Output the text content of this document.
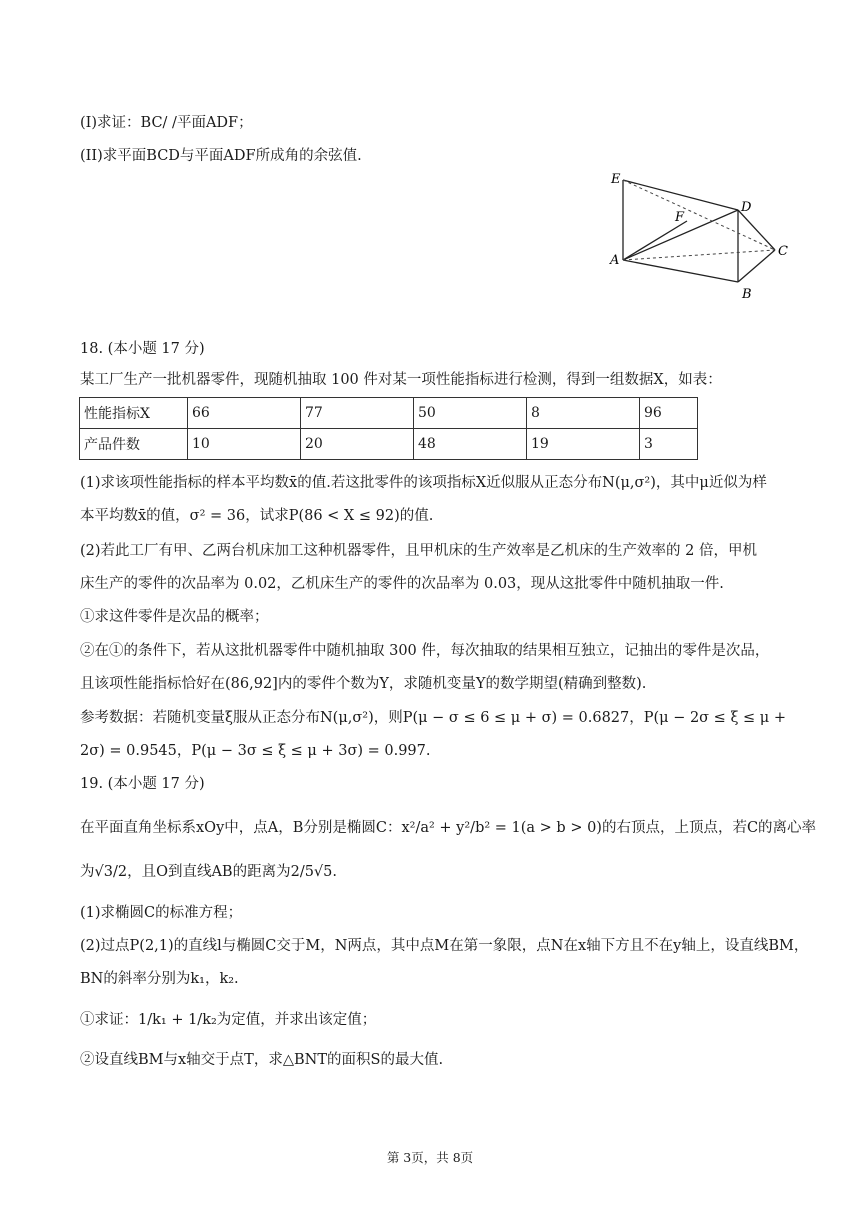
(I)求证：BC/ /平面ADF；
(II)求平面BCD与平面ADF所成角的余弦值.
E
F
D
C
A
B
18. (本小题 17 分)
某工厂生产一批机器零件，现随机抽取 100 件对某一项性能指标进行检测，得到一组数据X，如表：
性能指标X	66	77	50	8	96
产品件数	10	20	48	19	3
(1)求该项性能指标的样本平均数x̄的值.若这批零件的该项指标X近似服从正态分布N(μ,σ²)，其中μ近似为样
本平均数x̄的值，σ² = 36，试求P(86 < X ≤ 92)的值.
(2)若此工厂有甲、乙两台机床加工这种机器零件，且甲机床的生产效率是乙机床的生产效率的 2 倍，甲机
床生产的零件的次品率为 0.02，乙机床生产的零件的次品率为 0.03，现从这批零件中随机抽取一件.
①求这件零件是次品的概率；
②在①的条件下，若从这批机器零件中随机抽取 300 件，每次抽取的结果相互独立，记抽出的零件是次品，
且该项性能指标恰好在(86,92]内的零件个数为Y，求随机变量Y的数学期望(精确到整数).
参考数据：若随机变量ξ服从正态分布N(μ,σ²)，则P(μ − σ ≤ 6 ≤ μ + σ) = 0.6827，P(μ − 2σ ≤ ξ ≤ μ +
2σ) = 0.9545，P(μ − 3σ ≤ ξ ≤ μ + 3σ) = 0.997.
19. (本小题 17 分)
在平面直角坐标系xOy中，点A，B分别是椭圆C：x²/a² + y²/b² = 1(a > b > 0)的右顶点，上顶点，若C的离心率
为√3/2，且O到直线AB的距离为2/5√5.
(1)求椭圆C的标准方程；
(2)过点P(2,1)的直线l与椭圆C交于M，N两点，其中点M在第一象限，点N在x轴下方且不在y轴上，设直线BM，
BN的斜率分别为k₁，k₂.
①求证：1/k₁ + 1/k₂为定值，并求出该定值；
②设直线BM与x轴交于点T，求△BNT的面积S的最大值.
第 3页，共 8页
